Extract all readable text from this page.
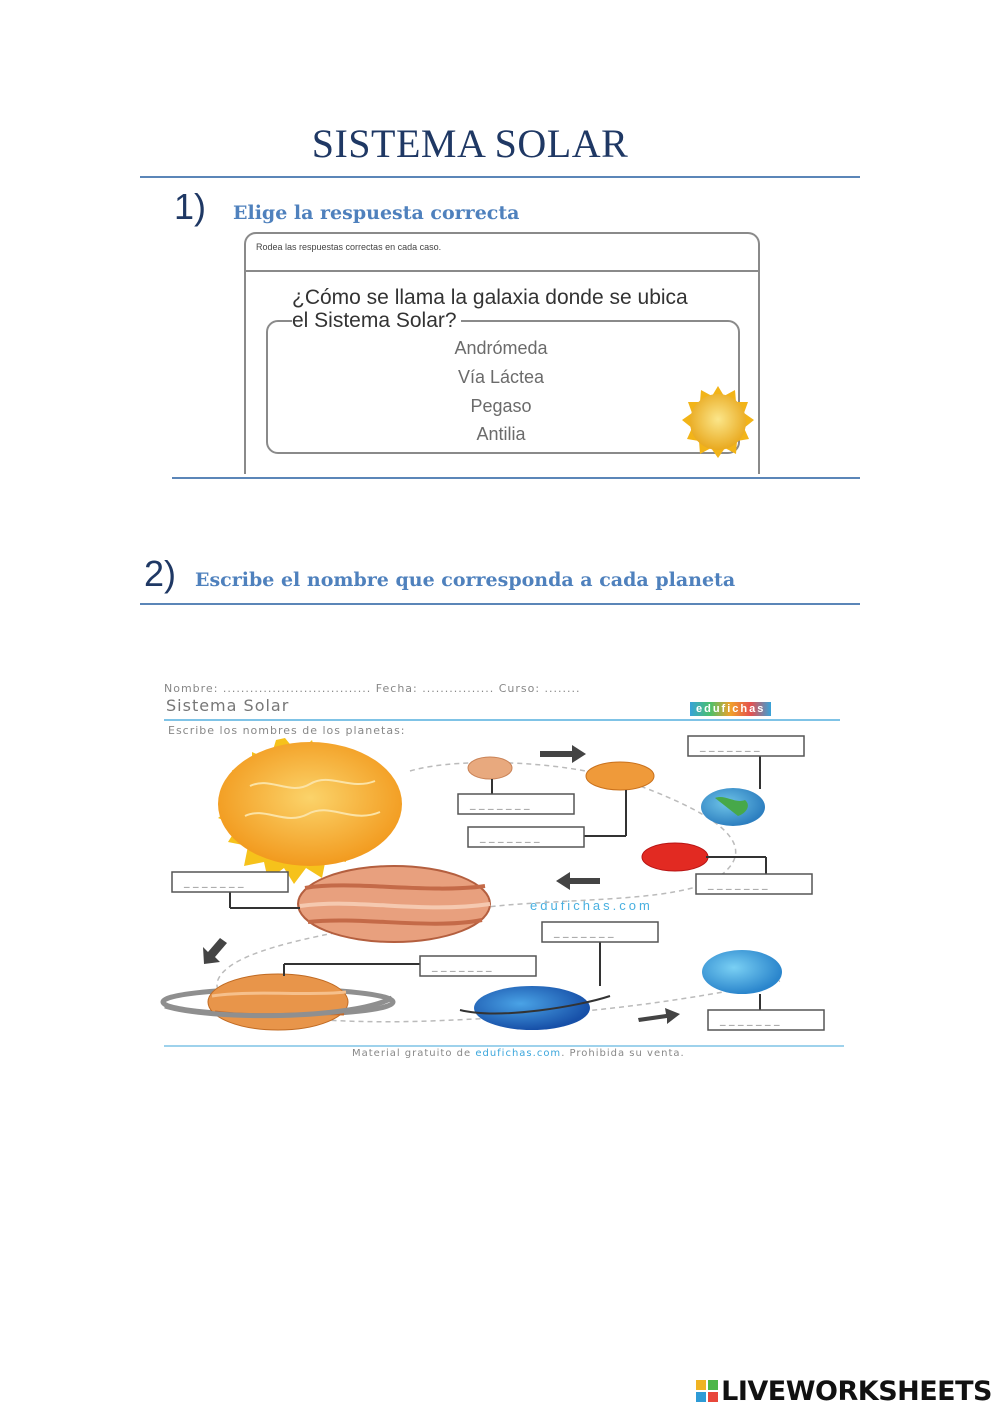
SISTEMA SOLAR
1) Elige la respuesta correcta
Rodea las respuestas correctas en cada caso.
¿Cómo se llama la galaxia donde se ubica
el Sistema Solar?
Andrómeda
Vía Láctea
Pegaso
Antilia
2) Escribe el nombre que corresponda a cada planeta
Nombre: ................................. Fecha: ................ Curso: ........
Sistema Solar	edufichas
Escribe los nombres de los planetas:
edufichas.com
_ _ _ _ _ _ _
_ _ _ _ _ _ _
_ _ _ _ _ _ _
_ _ _ _ _ _ _
_ _ _ _ _ _ _
_ _ _ _ _ _ _
_ _ _ _ _ _ _
_ _ _ _ _ _ _
Material gratuito de edufichas.com. Prohibida su venta.
LIVEWORKSHEETS
